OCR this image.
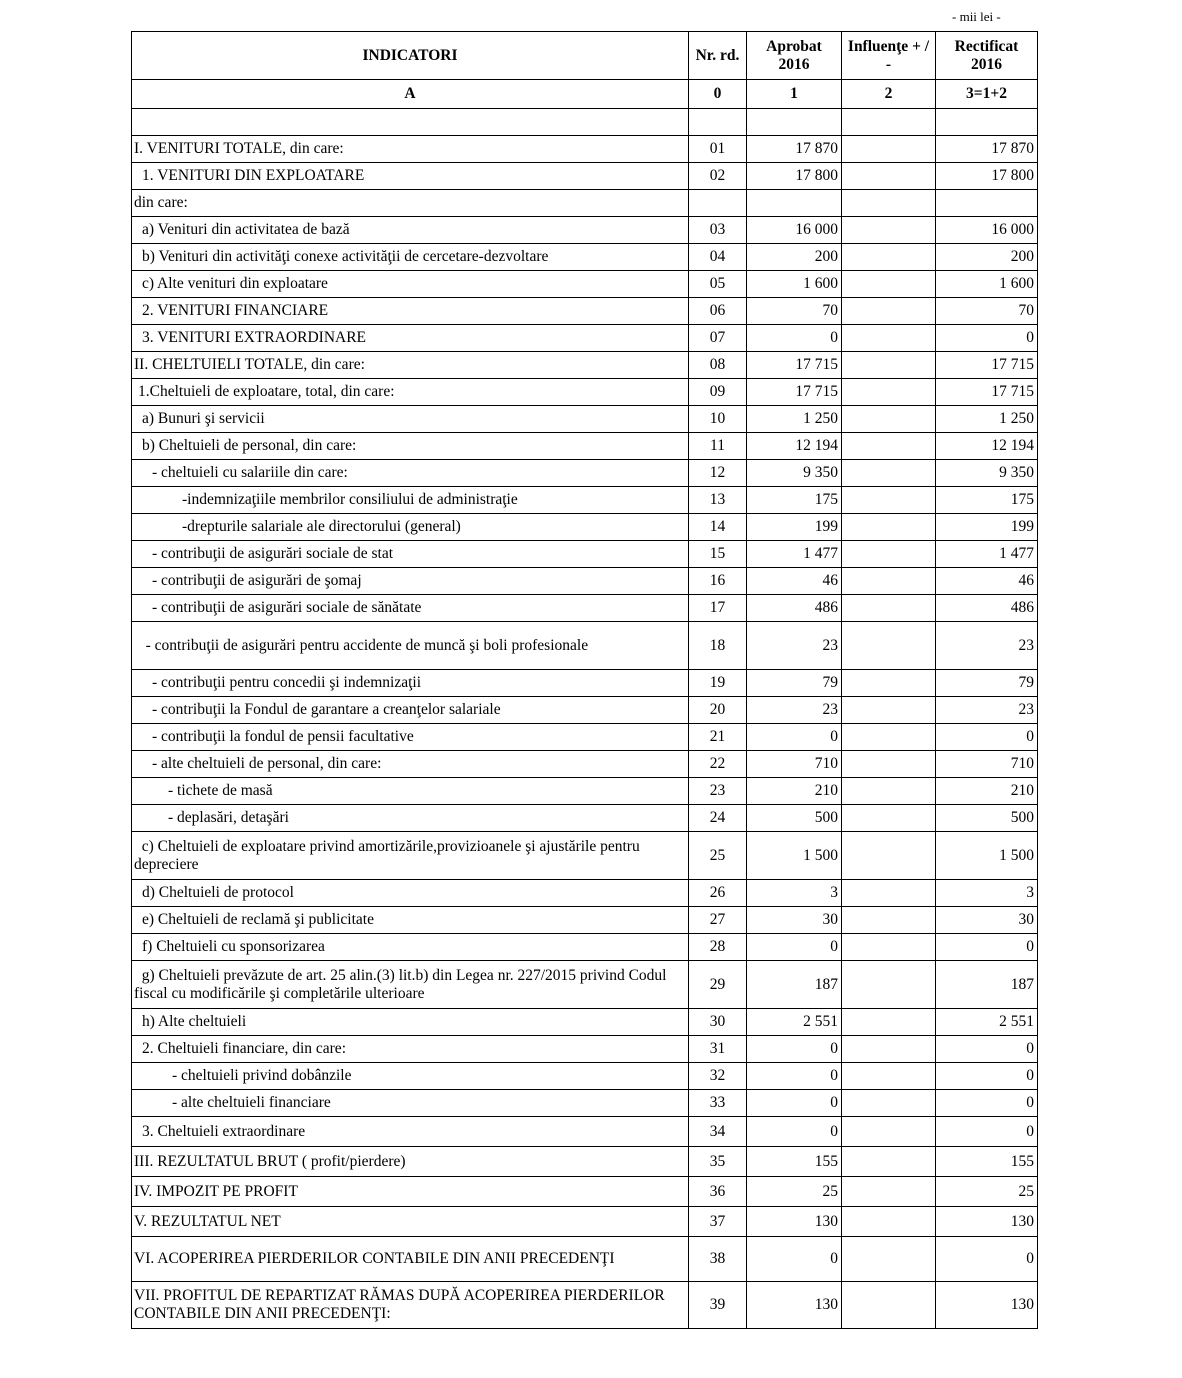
- mii lei -
INDICATORI	Nr. rd.	Aprobat 2016	Influenţe + / -	Rectificat 2016
A	0	1	2	3=1+2

I. VENITURI TOTALE, din care:	01	17 870		17 870
1. VENITURI DIN EXPLOATARE	02	17 800		17 800
din care:				
a) Venituri din activitatea de bază	03	16 000		16 000
b) Venituri din activităţi conexe activităţii de cercetare-dezvoltare	04	200		200
c) Alte venituri din exploatare	05	1 600		1 600
2. VENITURI FINANCIARE	06	70		70
3. VENITURI EXTRAORDINARE	07	0		0
II. CHELTUIELI TOTALE, din care:	08	17 715		17 715
1.Cheltuieli de exploatare, total, din care:	09	17 715		17 715
a) Bunuri şi servicii	10	1 250		1 250
b) Cheltuieli de personal, din care:	11	12 194		12 194
- cheltuieli cu salariile din care:	12	9 350		9 350
-indemnizaţiile membrilor consiliului de administraţie	13	175		175
-drepturile salariale ale directorului (general)	14	199		199
- contribuţii de asigurări sociale de stat	15	1 477		1 477
- contribuţii de asigurări de şomaj	16	46		46
- contribuţii de asigurări sociale de sănătate	17	486		486
- contribuţii de asigurări pentru accidente de muncă şi boli profesionale	18	23		23
- contribuţii pentru concedii şi indemnizaţii	19	79		79
- contribuţii la Fondul de garantare a creanţelor salariale	20	23		23
- contribuţii la fondul de pensii facultative	21	0		0
- alte cheltuieli de personal, din care:	22	710		710
- tichete de masă	23	210		210
- deplasări, detaşări	24	500		500
c) Cheltuieli de exploatare privind amortizările,provizioanele şi ajustările pentru depreciere	25	1 500		1 500
d) Cheltuieli de protocol	26	3		3
e) Cheltuieli de reclamă şi publicitate	27	30		30
f) Cheltuieli cu sponsorizarea	28	0		0
g) Cheltuieli prevăzute de art. 25 alin.(3) lit.b) din Legea nr. 227/2015 privind Codul fiscal cu modificările şi completările ulterioare	29	187		187
h) Alte cheltuieli	30	2 551		2 551
2. Cheltuieli financiare, din care:	31	0		0
- cheltuieli privind dobânzile	32	0		0
- alte cheltuieli financiare	33	0		0
3. Cheltuieli extraordinare	34	0		0
III. REZULTATUL BRUT ( profit/pierdere)	35	155		155
IV. IMPOZIT PE PROFIT	36	25		25
V. REZULTATUL NET	37	130		130
VI. ACOPERIREA PIERDERILOR CONTABILE DIN ANII PRECEDENŢI	38	0		0
VII. PROFITUL DE REPARTIZAT RĂMAS DUPĂ ACOPERIREA PIERDERILOR CONTABILE DIN ANII PRECEDENŢI:	39	130		130
